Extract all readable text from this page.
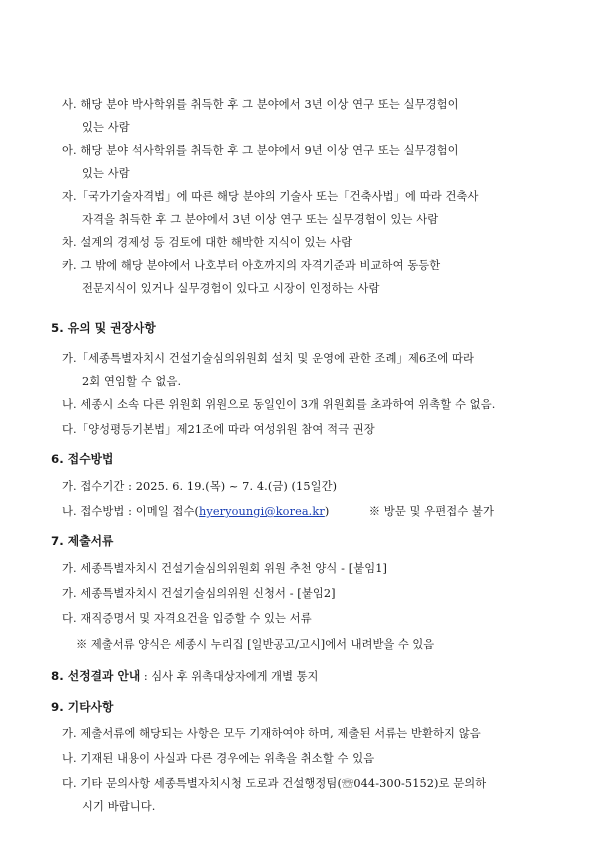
사. 해당 분야 박사학위를 취득한 후 그 분야에서 3년 이상 연구 또는 실무경험이
있는 사람
아. 해당 분야 석사학위를 취득한 후 그 분야에서 9년 이상 연구 또는 실무경험이
있는 사람
자.「국가기술자격법」에 따른 해당 분야의 기술사 또는「건축사법」에 따라 건축사
자격을 취득한 후 그 분야에서 3년 이상 연구 또는 실무경험이 있는 사람
차. 설계의 경제성 등 검토에 대한 해박한 지식이 있는 사람
카. 그 밖에 해당 분야에서 나호부터 아호까지의 자격기준과 비교하여 동등한
전문지식이 있거나 실무경험이 있다고 시장이 인정하는 사람
5. 유의 및 권장사항
가.「세종특별자치시 건설기술심의위원회 설치 및 운영에 관한 조례」제6조에 따라
2회 연임할 수 없음.
나. 세종시 소속 다른 위원회 위원으로 동일인이 3개 위원회를 초과하여 위촉할 수 없음.
다.「양성평등기본법」제21조에 따라 여성위원 참여 적극 권장
6. 접수방법
가. 접수기간 : 2025. 6. 19.(목) ~ 7. 4.(금) (15일간)
나. 접수방법 : 이메일 접수(hyeryoungi@korea.kr)	※ 방문 및 우편접수 불가
7. 제출서류
가. 세종특별자치시 건설기술심의위원회 위원 추천 양식 - [붙임1]
가. 세종특별자치시 건설기술심의위원 신청서 - [붙임2]
다. 재직증명서 및 자격요건을 입증할 수 있는 서류
※ 제출서류 양식은 세종시 누리집 [일반공고/고시]에서 내려받을 수 있음
8. 선정결과 안내 : 심사 후 위촉대상자에게 개별 통지
9. 기타사항
가. 제출서류에 해당되는 사항은 모두 기재하여야 하며, 제출된 서류는 반환하지 않음
나. 기재된 내용이 사실과 다른 경우에는 위촉을 취소할 수 있음
다. 기타 문의사항 세종특별자치시청 도로과 건설행정팀(☏044-300-5152)로 문의하
시기 바랍니다.
